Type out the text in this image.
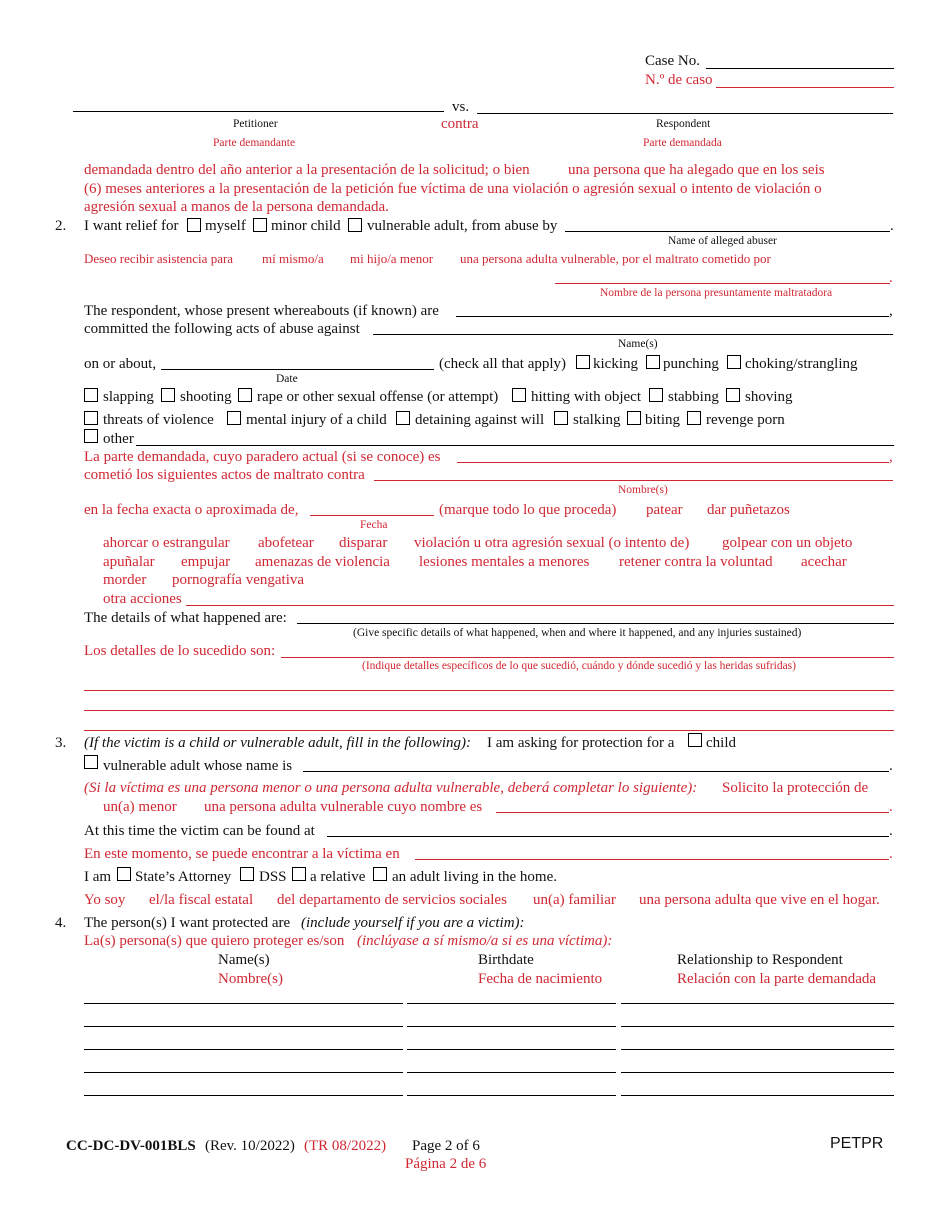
Case No.
N.º de caso
vs.
contra
Petitioner	Respondent
Parte demandante	Parte demandada
demandada dentro del año anterior a la presentación de la solicitud; o bien	una persona que ha alegado que en los seis
(6) meses anteriores a la presentación de la petición fue víctima de una violación o agresión sexual o intento de violación o
agresión sexual a manos de la persona demandada.
2. I want relief for myself minor child vulnerable adult, from abuse by	.
Name of alleged abuser
Deseo recibir asistencia para mí mismo/a mi hijo/a menor una persona adulta vulnerable, por el maltrato cometido por
.
Nombre de la persona presuntamente maltratadora
The respondent, whose present whereabouts (if known) are	,
committed the following acts of abuse against
Name(s)
on or about,	(check all that apply)
Date
kicking punching choking/strangling
slapping shooting rape or other sexual offense (or attempt) hitting with object stabbing shoving
threats of violence mental injury of a child detaining against will stalking biting revenge porn
other
La parte demandada, cuyo paradero actual (si se conoce) es	,
cometió los siguientes actos de maltrato contra
Nombre(s)
en la fecha exacta o aproximada de,	(marque todo lo que proceda) patear dar puñetazos
Fecha
ahorcar o estrangular abofetear disparar violación u otra agresión sexual (o intento de) golpear con un objeto
apuñalar empujar amenazas de violencia lesiones mentales a menores retener contra la voluntad acechar
morder pornografía vengativa
otra acciones
The details of what happened are:
(Give specific details of what happened, when and where it happened, and any injuries sustained)
Los detalles de lo sucedido son:
(Indique detalles específicos de lo que sucedió, cuándo y dónde sucedió y las heridas sufridas)
3. (If the victim is a child or vulnerable adult, fill in the following): I am asking for protection for a child
vulnerable adult whose name is	.
(Si la víctima es una persona menor o una persona adulta vulnerable, deberá completar lo siguiente): Solicito la protección de
un(a) menor una persona adulta vulnerable cuyo nombre es	.
At this time the victim can be found at	.
En este momento, se puede encontrar a la víctima en	.
I am State’s Attorney DSS a relative an adult living in the home.
Yo soy el/la fiscal estatal del departamento de servicios sociales un(a) familiar una persona adulta que vive en el hogar.
4. The person(s) I want protected are (include yourself if you are a victim):
La(s) persona(s) que quiero proteger es/son (inclúyase a sí mismo/a si es una víctima):
Name(s)	Birthdate	Relationship to Respondent
Nombre(s)	Fecha de nacimiento	Relación con la parte demandada
CC-DC-DV-001BLS (Rev. 10/2022) (TR 08/2022) Page 2 of 6
Página 2 de 6
PETPR
